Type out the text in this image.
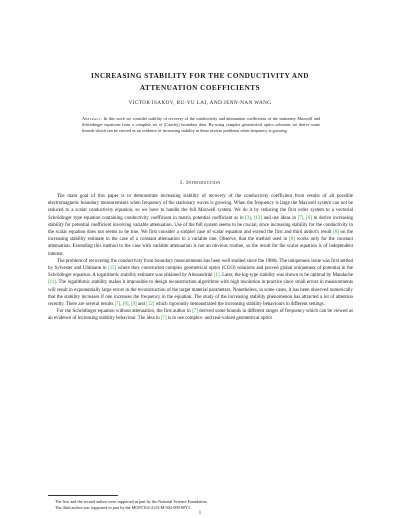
INCREASING STABILITY FOR THE CONDUCTIVITY AND
ATTENUATION COEFFICIENTS
VICTOR ISAKOV, RU-YU LAI, AND JENN-NAN WANG
Abstract. In this work we consider stability of recovery of the conductivity and attenuation coefficients of the stationary Maxwell and Schrödinger equations from a complete set of (Cauchy) boundary data. By using complex geometrical optics solutions we derive some bounds which can be viewed as an evidence of increasing stability in these inverse problems when frequency is growing.
1. Introduction

The main goal of this paper is to demonstrate increasing stability of recovery of the conductivity coefficient from results of all possible electromagnetic boundary measurements when frequency of the stationary waves is growing. When the frequency is large the Maxwell system can not be reduced to a scalar conductivity equation, so we have to handle the full Maxwell system. We do it by reducing the first order system to a vectorial Schrödinger type equation containing conductivity coefficient in matrix potential coefficient as in [3], [13] and use ideas in [7], [6] to derive increasing stability for potential coefficient involving variable attenuation. Use of the full system seems to be crucial, since increasing stability for the conductivity in the scalar equation does not seems to be true. We first consider a simpler case of scalar equation and extend the first and third author's result [8] on the increasing stability estimate in the case of a constant attenuation to a variable one. Observe, that the method used in [8] works only for the constant attenuation. Extending this method to the case with variable attenuation is not an obvious routine, so the result for the scalar equation is of independent interest.

The problem of recovering the conductivity from boundary measurements has been well studied since the 1980s. The uniqueness issue was first settled by Sylvester and Uhlmann in [15] where they constructed complex geometrical optics (CGO) solutions and proved global uniqueness of potential in the Schrödinger equation. A logarithmic stability estimate was obtained by Alessandrini [1]. Later, the log-type stability was shown to be optimal by Mandache [11]. The logarithmic stability makes it impossible to design reconstruction algorithms with high resolution in practice since small errors in measurements will result in exponentially large errors in the reconstruction of the target material parameters. Nonetheless, in some cases, it has been observed numerically that the stability increases if one increases the frequency in the equation. The study of the increasing stability phenomenon has attracted a lot of attention recently. There are several results [7], [8], [9] and [12] which rigorously demonstrated the increasing stability behaviours in different settings.

For the Schrödinger equation without attenuation, the first author in [7] derived some bounds in different ranges of frequency which can be viewed as an evidence of increasing stability behaviour. The idea in [7] is to use complex- and real-valued geometrical optics

The first and the second author were supported in part by the National Science Foundation.
The third author was supported in part by the MOST102-2115-M-002-009-MY3.
1
